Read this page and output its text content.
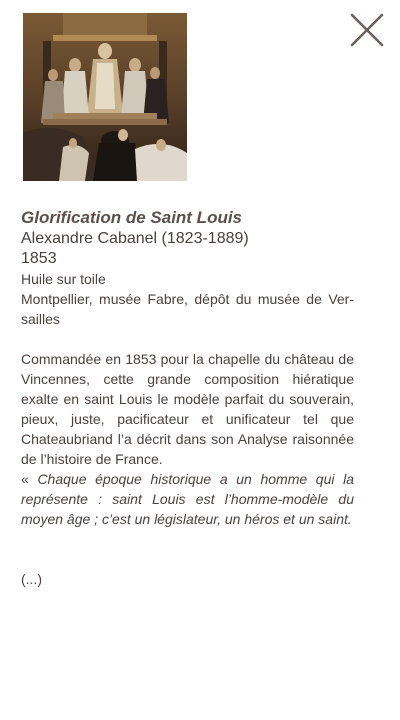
Glorification de Saint Louis

Alexandre Cabanel (1823-1889)

1853

Huile sur toile

Montpellier, musée Fabre, dépôt du musée de Versailles

Commandée en 1853 pour la chapelle du château de Vincennes, cette grande composition hiératique exalte en saint Louis le modèle parfait du souverain, pieux, juste, pacificateur et unificateur tel que Chateaubriand l’a décrit dans son Analyse raisonnée de l’histoire de France.

« Chaque époque historique a un homme qui la représente : saint Louis est l’homme-modèle du moyen âge ; c’est un législateur, un héros et un saint.

(...)
